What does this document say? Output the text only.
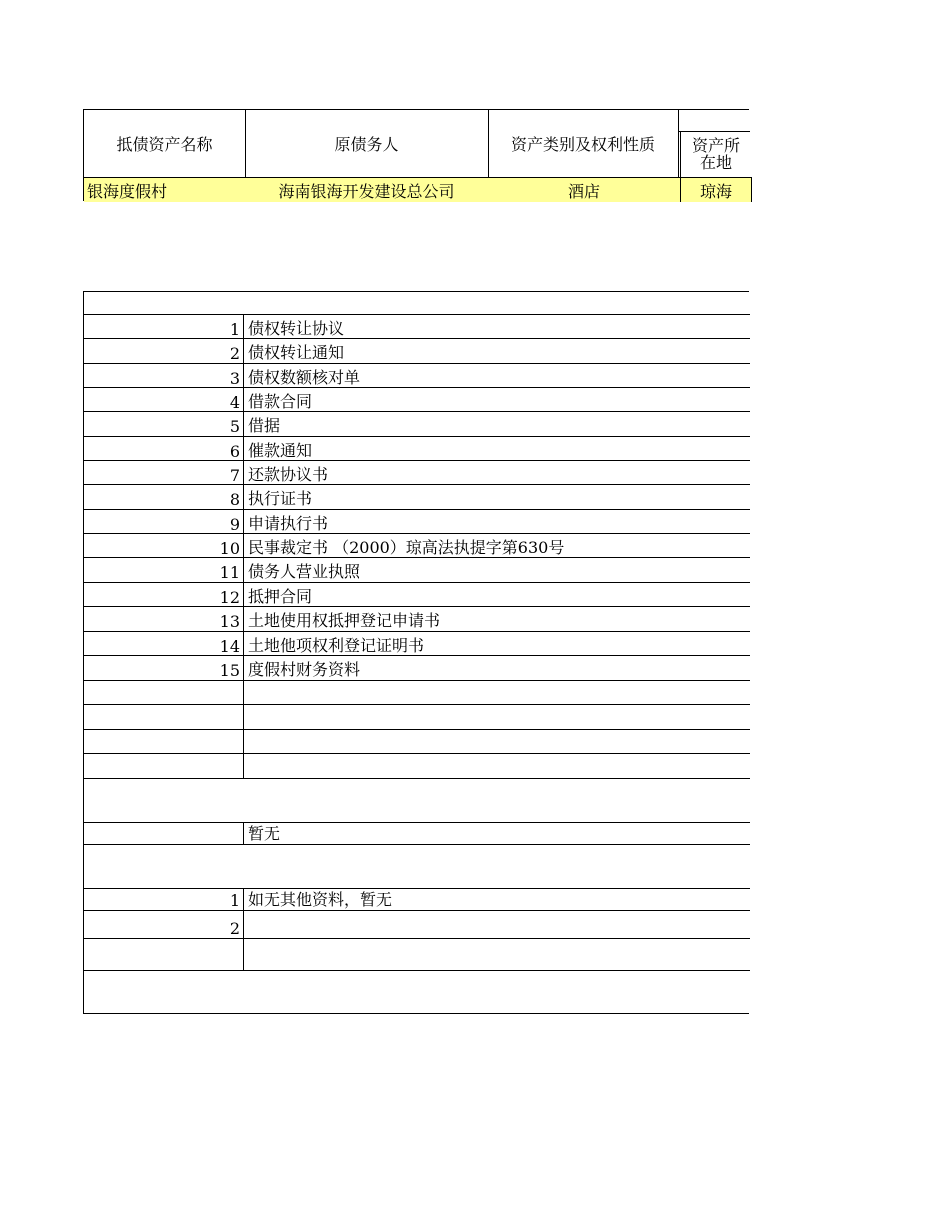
抵债资产名称	原债务人	资产类别及权利性质	资产所
在地
银海度假村	海南银海开发建设总公司	酒店	琼海
1 债权转让协议
2 债权转让通知
3 债权数额核对单
4 借款合同
5 借据
6 催款通知
7 还款协议书
8 执行证书
9 申请执行书
10 民事裁定书 （2000）琼高法执提字第630号
11 债务人营业执照
12 抵押合同
13 土地使用权抵押登记申请书
14 土地他项权利登记证明书
15 度假村财务资料
暂无
1 如无其他资料，暂无
2
